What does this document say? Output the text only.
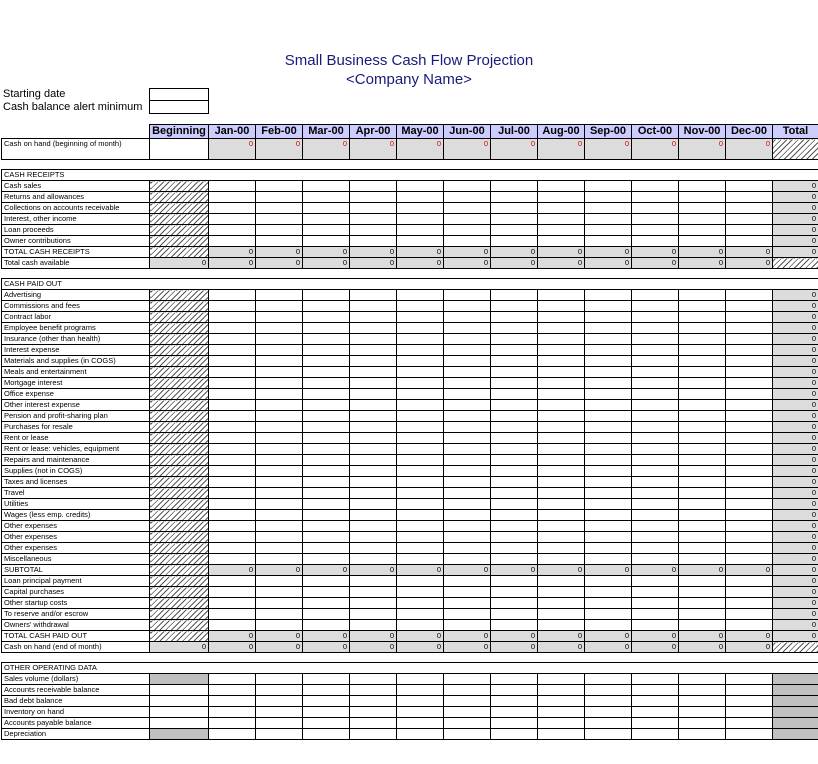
Small Business Cash Flow Projection
<Company Name>
Starting date
Cash balance alert minimum
	Beginning	Jan-00	Feb-00	Mar-00	Apr-00	May-00	Jun-00	Jul-00	Aug-00	Sep-00	Oct-00	Nov-00	Dec-00	Total
Cash on hand (beginning of month)		0	0	0	0	0	0	0	0	0	0	0	0	

CASH RECEIPTS														
Cash sales														0
Returns and allowances														0
Collections on accounts receivable														0
Interest, other income														0
Loan proceeds														0
Owner contributions														0
TOTAL CASH RECEIPTS		0	0	0	0	0	0	0	0	0	0	0	0	0
Total cash available	0	0	0	0	0	0	0	0	0	0	0	0	0	

CASH PAID OUT														
Advertising														0
Commissions and fees														0
Contract labor														0
Employee benefit programs														0
Insurance (other than health)														0
Interest expense														0
Materials and supplies (in COGS)														0
Meals and entertainment														0
Mortgage interest														0
Office expense														0
Other interest expense														0
Pension and profit-sharing plan														0
Purchases for resale														0
Rent or lease														0
Rent or lease: vehicles, equipment														0
Repairs and maintenance														0
Supplies (not in COGS)														0
Taxes and licenses														0
Travel														0
Utilities														0
Wages (less emp. credits)														0
Other expenses														0
Other expenses														0
Other expenses														0
Miscellaneous														0
SUBTOTAL		0	0	0	0	0	0	0	0	0	0	0	0	0
Loan principal payment														0
Capital purchases														0
Other startup costs														0
To reserve and/or escrow														0
Owners' withdrawal														0
TOTAL CASH PAID OUT		0	0	0	0	0	0	0	0	0	0	0	0	0
Cash on hand (end of month)	0	0	0	0	0	0	0	0	0	0	0	0	0	

OTHER OPERATING DATA														
Sales volume (dollars)														
Accounts receivable balance														
Bad debt balance														
Inventory on hand														
Accounts payable balance														
Depreciation														
